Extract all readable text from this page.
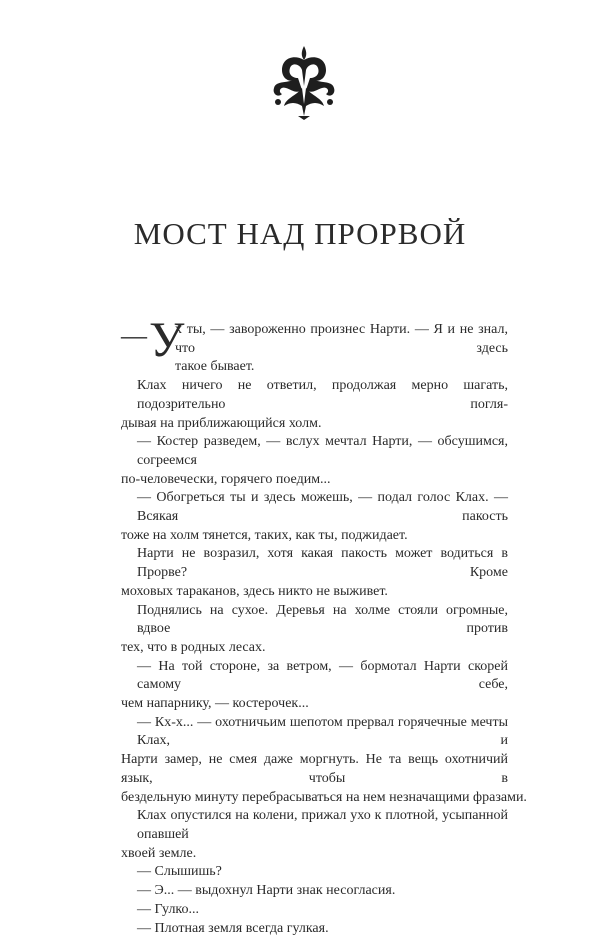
МОСТ НАД ПРОРВОЙ
— У
х ты, — завороженно произнес Нарти. — Я и не знал, что здесь
такое бывает.
Клах ничего не ответил, продолжая мерно шагать, подозрительно погля-
дывая на приближающийся холм.
— Костер разведем, — вслух мечтал Нарти, — обсушимся, согреемся
по-человечески, горячего поедим...
— Обогреться ты и здесь можешь, — подал голос Клах. — Всякая пакость
тоже на холм тянется, таких, как ты, поджидает.
Нарти не возразил, хотя какая пакость может водиться в Прорве? Кроме
моховых тараканов, здесь никто не выживет.
Поднялись на сухое. Деревья на холме стояли огромные, вдвое против
тех, что в родных лесах.
— На той стороне, за ветром, — бормотал Нарти скорей самому себе,
чем напарнику, — костерочек...
— Кх-х... — охотничьим шепотом прервал горячечные мечты Клах, и
Нарти замер, не смея даже моргнуть. Не та вещь охотничий язык, чтобы в
бездельную минуту перебрасываться на нем незначащими фразами.
Клах опустился на колени, прижал ухо к плотной, усыпанной опавшей
хвоей земле.
— Слышишь?
— Э... — выдохнул Нарти знак несогласия.
— Гулко...
— Плотная земля всегда гулкая.
